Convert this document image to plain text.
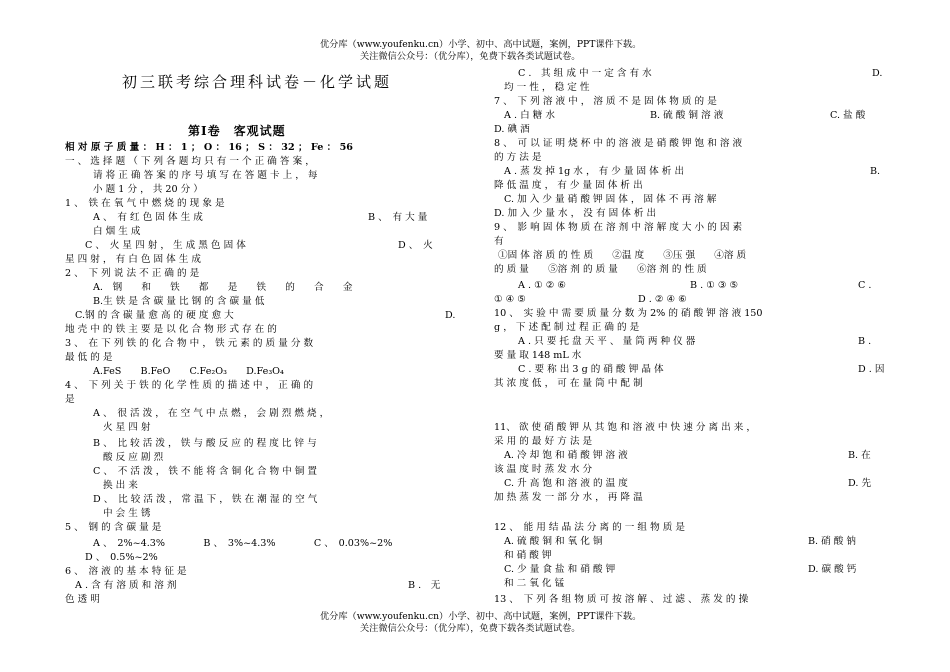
优分库（www.youfenku.cn）小学、初中、高中试题，案例，PPT课件下载。
关注微信公众号：（优分库），免费下载各类试题试卷。
初三联考综合理科试卷－化学试题
第Ⅰ卷　客观试题
相 对 原 子 质 量 ： H ： 1 ； O ： 16 ； S ： 32 ； Fe ： 56
一 、 选 择 题 （ 下 列 各 题 均 只 有 一 个 正 确 答 案 ，
请 将 正 确 答 案 的 序 号 填 写 在 答 题 卡 上 ， 每
小 题 1 分 ， 共 20 分 ）
1 、　铁 在 氧 气 中 燃 烧 的 现 象 是
A 、　有 红 色 固 体 生 成	B 、　有 大 量
白 烟 生 成
C 、　火 星 四 射 ， 生 成 黑 色 固 体	D 、　火
星 四 射 ， 有 白 色 固 体 生 成
2 、　下 列 说 法 不 正 确 的 是
A.　钢　　和　　铁　　都　　是　　铁　　的　　合　　金
B.生 铁 是 含 碳 量 比 钢 的 含 碳 量 低
C.钢 的 含 碳 量 愈 高 的 硬 度 愈 大	D.
地 壳 中 的 铁 主 要 是 以 化 合 物 形 式 存 在 的
3 、　在 下 列 铁 的 化 合 物 中 ， 铁 元 素 的 质 量 分 数
最 低 的 是
A.FeS　　B.FeO　　C.Fe₂O₃　　D.Fe₃O₄
4 、　下 列 关 于 铁 的 化 学 性 质 的 描 述 中 ， 正 确 的
是
A 、　很 活 泼 ， 在 空 气 中 点 燃 ， 会 剧 烈 燃 烧 ，
火 星 四 射
B 、　比 较 活 泼 ， 铁 与 酸 反 应 的 程 度 比 锌 与
酸 反 应 剧 烈
C 、　不 活 泼 ， 铁 不 能 将 含 铜 化 合 物 中 铜 置
换 出 来
D 、　比 较 活 泼 ， 常 温 下 ， 铁 在 潮 湿 的 空 气
中 会 生 锈
5 、　钢 的 含 碳 量 是
A 、　2%~4.3%　　　　B 、　3%~4.3%　　　　C 、　0.03%~2%
D 、　0.5%~2%
6 、　溶 液 的 基 本 特 征 是
A . 含 有 溶 质 和 溶 剂	B .　无
色 透 明
C .　其 组 成 中 一 定 含 有 水	D.
均 一 性 ， 稳 定 性
7 、　下 列 溶 液 中 ， 溶 质 不 是 固 体 物 质 的 是
A . 白 糖 水	B. 硫 酸 铜 溶 液	C. 盐 酸
D. 碘 酒
8 、　可 以 证 明 烧 杯 中 的 溶 液 是 硝 酸 钾 饱 和 溶 液
的 方 法 是
A . 蒸 发 掉 1g 水 ， 有 少 量 固 体 析 出	B.
降 低 温 度 ， 有 少 量 固 体 析 出
C. 加 入 少 量 硝 酸 钾 固 体 ， 固 体 不 再 溶 解
D. 加 入 少 量 水 ， 没 有 固 体 析 出
9 、　影 响 固 体 物 质 在 溶 剂 中 溶 解 度 大 小 的 因 素
有
①固 体 溶 质 的 性 质　　②温 度　　③压 强　　④溶 质
的 质 量　　⑤溶 剂 的 质 量　　⑥溶 剂 的 性 质
A . ① ② ⑥	B . ① ③ ⑤	C .
① ④ ⑤	D . ② ④ ⑥
10 、　实 验 中 需 要 质 量 分 数 为 2% 的 硝 酸 钾 溶 液 150
g ， 下 述 配 制 过 程 正 确 的 是
A . 只 要 托 盘 天 平 、 量 筒 两 种 仪 器	B .
要 量 取 148 mL 水
C . 要 称 出 3 g 的 硝 酸 钾 晶 体	D . 因
其 浓 度 低 ， 可 在 量 筒 中 配 制
11、 欲 使 硝 酸 钾 从 其 饱 和 溶 液 中 快 速 分 离 出 来 ，
采 用 的 最 好 方 法 是
A. 冷 却 饱 和 硝 酸 钾 溶 液	B. 在
该 温 度 时 蒸 发 水 分
C. 升 高 饱 和 溶 液 的 温 度	D. 先
加 热 蒸 发 一 部 分 水 ， 再 降 温
12 、　能 用 结 晶 法 分 离 的 一 组 物 质 是
A. 硫 酸 铜 和 氧 化 铜	B. 硝 酸 钠
和 硝 酸 钾
C. 少 量 食 盐 和 硝 酸 钾	D. 碳 酸 钙
和 二 氧 化 锰
13 、　下 列 各 组 物 质 可 按 溶 解 、 过 滤 、 蒸 发 的 操
优分库（www.youfenku.cn）小学、初中、高中试题，案例，PPT课件下载。
关注微信公众号：（优分库），免费下载各类试题试卷。
